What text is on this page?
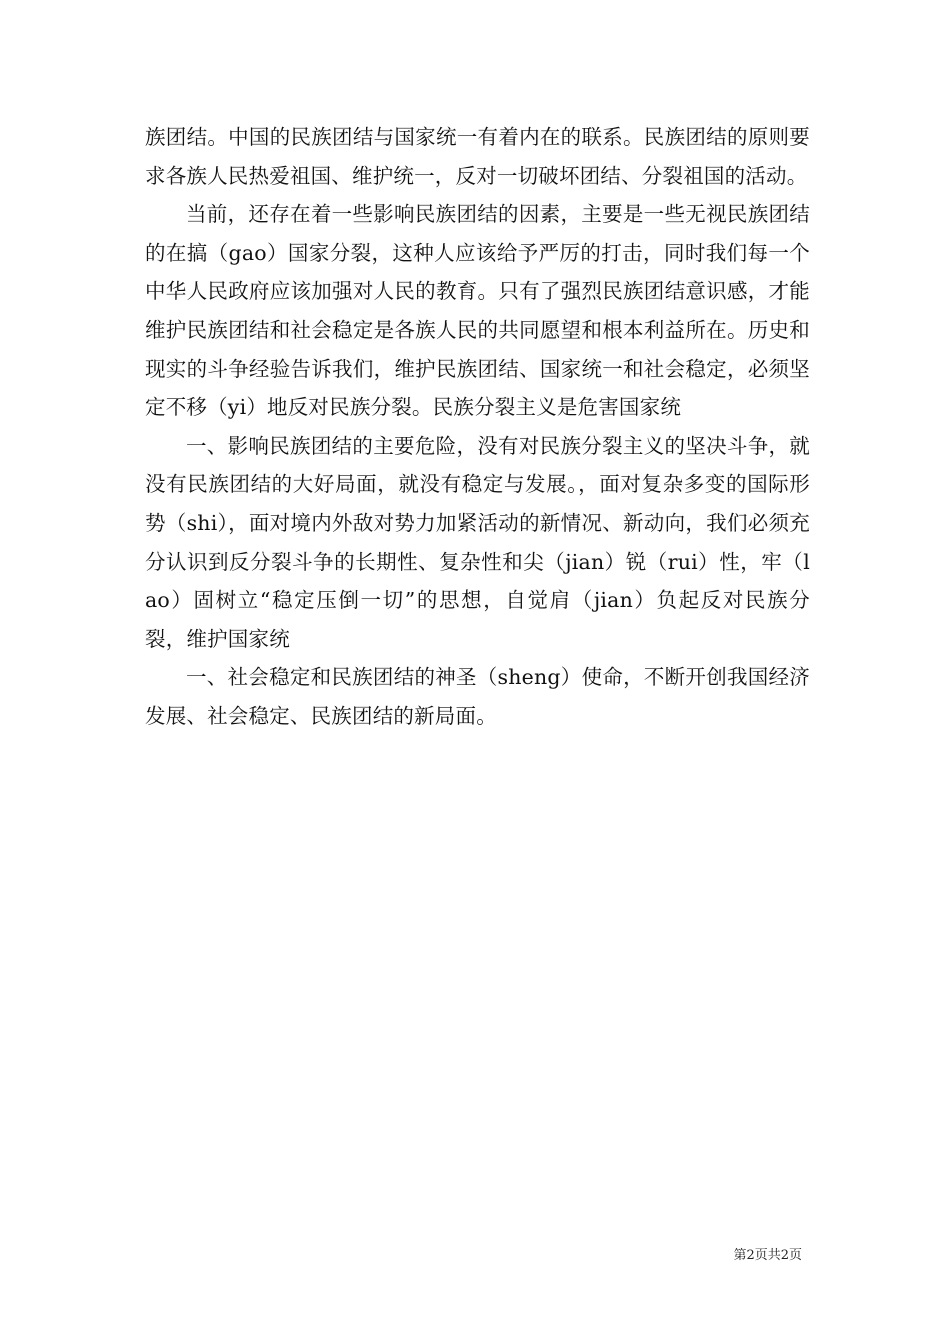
族团结。中国的民族团结与国家统一有着内在的联系。民族团结的原则要求各族人民热爱祖国、维护统一，反对一切破坏团结、分裂祖国的活动。

当前，还存在着一些影响民族团结的因素，主要是一些无视民族团结的在搞（gao）国家分裂，这种人应该给予严厉的打击，同时我们每一个中华人民政府应该加强对人民的教育。只有了强烈民族团结意识感，才能维护民族团结和社会稳定是各族人民的共同愿望和根本利益所在。历史和现实的斗争经验告诉我们，维护民族团结、国家统一和社会稳定，必须坚定不移（yi）地反对民族分裂。民族分裂主义是危害国家统

一、影响民族团结的主要危险，没有对民族分裂主义的坚决斗争，就没有民族团结的大好局面，就没有稳定与发展。，面对复杂多变的国际形势（shi），面对境内外敌对势力加紧活动的新情况、新动向，我们必须充分认识到反分裂斗争的长期性、复杂性和尖（jian）锐（rui）性，牢（lao）固树立“稳定压倒一切”的思想，自觉肩（jian）负起反对民族分裂，维护国家统

一、社会稳定和民族团结的神圣（sheng）使命，不断开创我国经济发展、社会稳定、民族团结的新局面。

第2页共2页
